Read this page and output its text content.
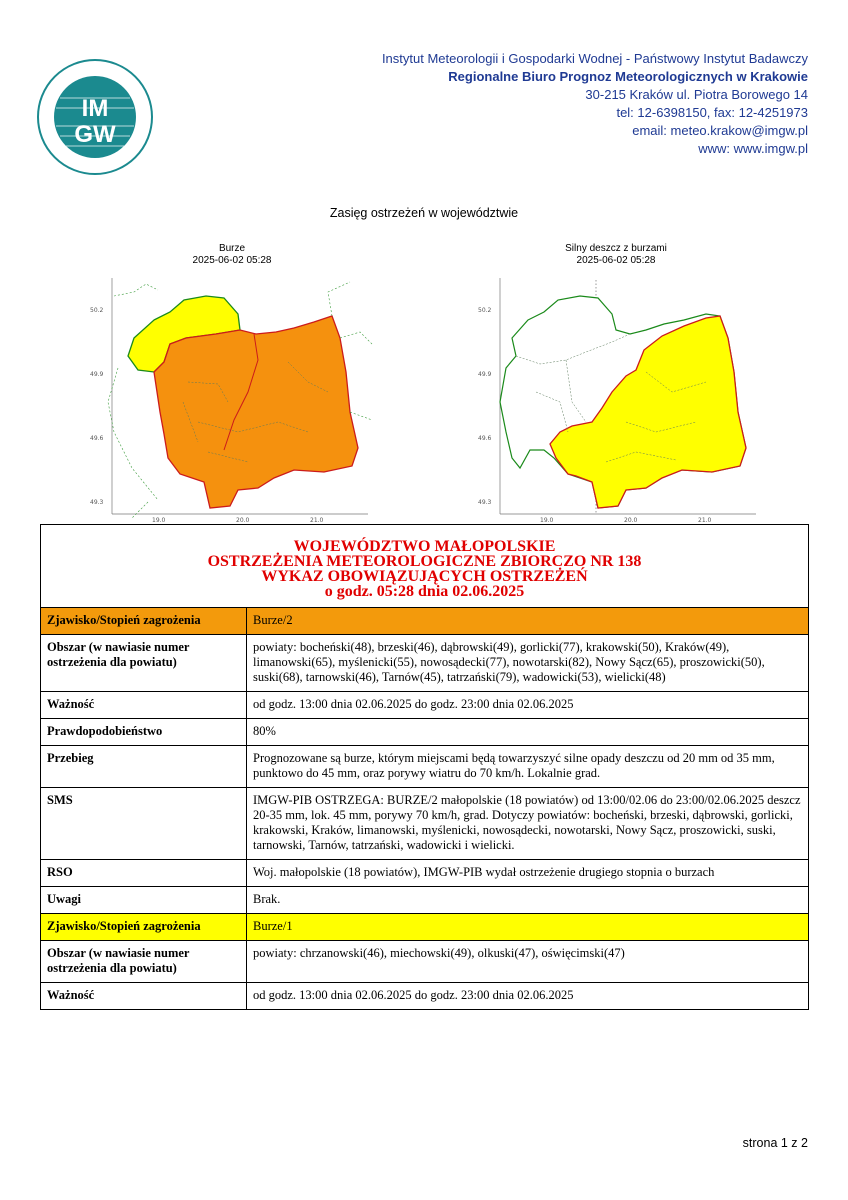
IM
GW
Instytut Meteorologii i Gospodarki Wodnej - Państwowy Instytut Badawczy
Regionalne Biuro Prognoz Meteorologicznych w Krakowie
30-215 Kraków ul. Piotra Borowego 14
tel: 12-6398150, fax: 12-4251973
email: meteo.krakow@imgw.pl
www: www.imgw.pl
Zasięg ostrzeżeń w województwie
Burze
2025-06-02 05:28
50.2
49.9
49.6
49.3
19.0	20.0	21.0
Silny deszcz z burzami
2025-06-02 05:28
50.2
49.9
49.6
49.3
19.0	20.0	21.0
WOJEWÓDZTWO MAŁOPOLSKIE
OSTRZEŻENIA METEOROLOGICZNE ZBIORCZO NR 138
WYKAZ OBOWIĄZUJĄCYCH OSTRZEŻEŃ
o godz. 05:28 dnia 02.06.2025	

Zjawisko/Stopień zagrożenia	Burze/2
Obszar (w nawiasie numer ostrzeżenia dla powiatu)	powiaty: bocheński(48), brzeski(46), dąbrowski(49), gorlicki(77), krakowski(50), Kraków(49), limanowski(65), myślenicki(55), nowosądecki(77), nowotarski(82), Nowy Sącz(65), proszowicki(50), suski(68), tarnowski(46), Tarnów(45), tatrzański(79), wadowicki(53), wielicki(48)
Ważność	od godz. 13:00 dnia 02.06.2025 do godz. 23:00 dnia 02.06.2025
Prawdopodobieństwo	80%
Przebieg	Prognozowane są burze, którym miejscami będą towarzyszyć silne opady deszczu od 20 mm od 35 mm, punktowo do 45 mm, oraz porywy wiatru do 70 km/h. Lokalnie grad.
SMS	IMGW-PIB OSTRZEGA: BURZE/2 małopolskie (18 powiatów) od 13:00/02.06 do 23:00/02.06.2025 deszcz 20-35 mm, lok. 45 mm, porywy 70 km/h, grad. Dotyczy powiatów: bocheński, brzeski, dąbrowski, gorlicki, krakowski, Kraków, limanowski, myślenicki, nowosądecki, nowotarski, Nowy Sącz, proszowicki, suski, tarnowski, Tarnów, tatrzański, wadowicki i wielicki.
RSO	Woj. małopolskie (18 powiatów), IMGW-PIB wydał ostrzeżenie drugiego stopnia o burzach
Uwagi	Brak.
Zjawisko/Stopień zagrożenia	Burze/1
Obszar (w nawiasie numer ostrzeżenia dla powiatu)	powiaty: chrzanowski(46), miechowski(49), olkuski(47), oświęcimski(47)
Ważność	od godz. 13:00 dnia 02.06.2025 do godz. 23:00 dnia 02.06.2025
strona 1 z 2
